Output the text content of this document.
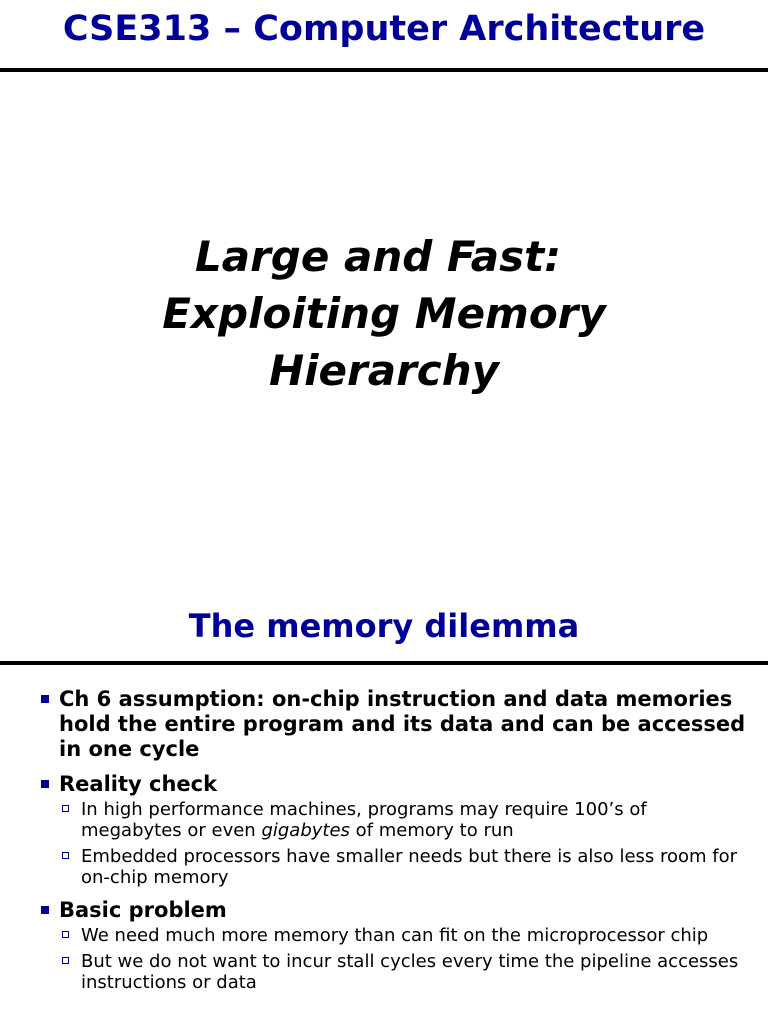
CSE313 – Computer Architecture
Large and Fast:
Exploiting Memory
Hierarchy
The memory dilemma
Ch 6 assumption: on-chip instruction and data memories hold the entire program and its data and can be accessed in one cycle
Reality check
In high performance machines, programs may require 100’s of megabytes or even gigabytes of memory to run
Embedded processors have smaller needs but there is also less room for on-chip memory
Basic problem
We need much more memory than can fit on the microprocessor chip
But we do not want to incur stall cycles every time the pipeline accesses instructions or data
